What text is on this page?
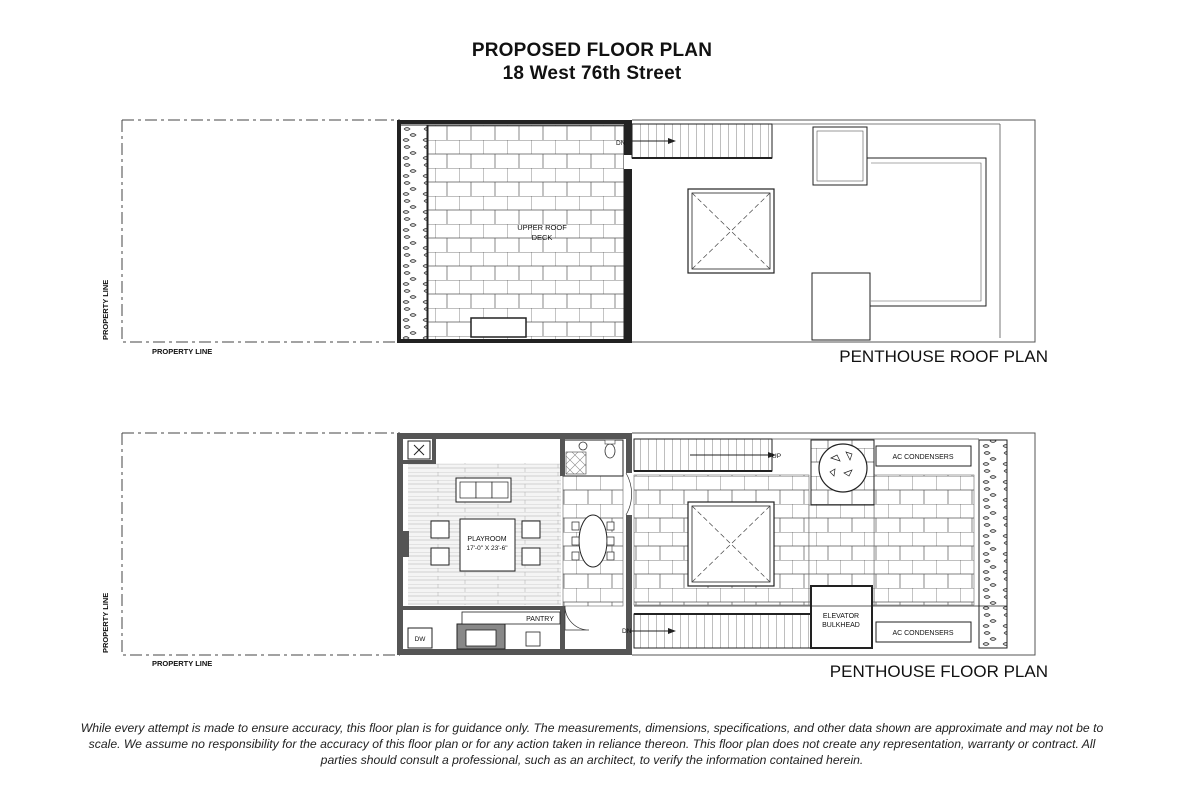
PROPOSED FLOOR PLAN
18 West 76th Street
UPPER ROOF
DECK
DN
PROPERTY LINE
PROPERTY LINE	PENTHOUSE ROOF PLAN
DW
PLAYROOM
17'-0" X 23'-6"
PANTRY
UP
DN
AC CONDENSERS
AC CONDENSERS
ELEVATOR
BULKHEAD
PROPERTY LINE
PROPERTY LINE	PENTHOUSE FLOOR PLAN
While every attempt is made to ensure accuracy, this floor plan is for guidance only. The measurements, dimensions, specifications, and other data shown are approximate and may not be to scale. We assume no responsibility for the accuracy of this floor plan or for any action taken in reliance thereon. This floor plan does not create any representation, warranty or contract. All parties should consult a professional, such as an architect, to verify the information contained herein.
